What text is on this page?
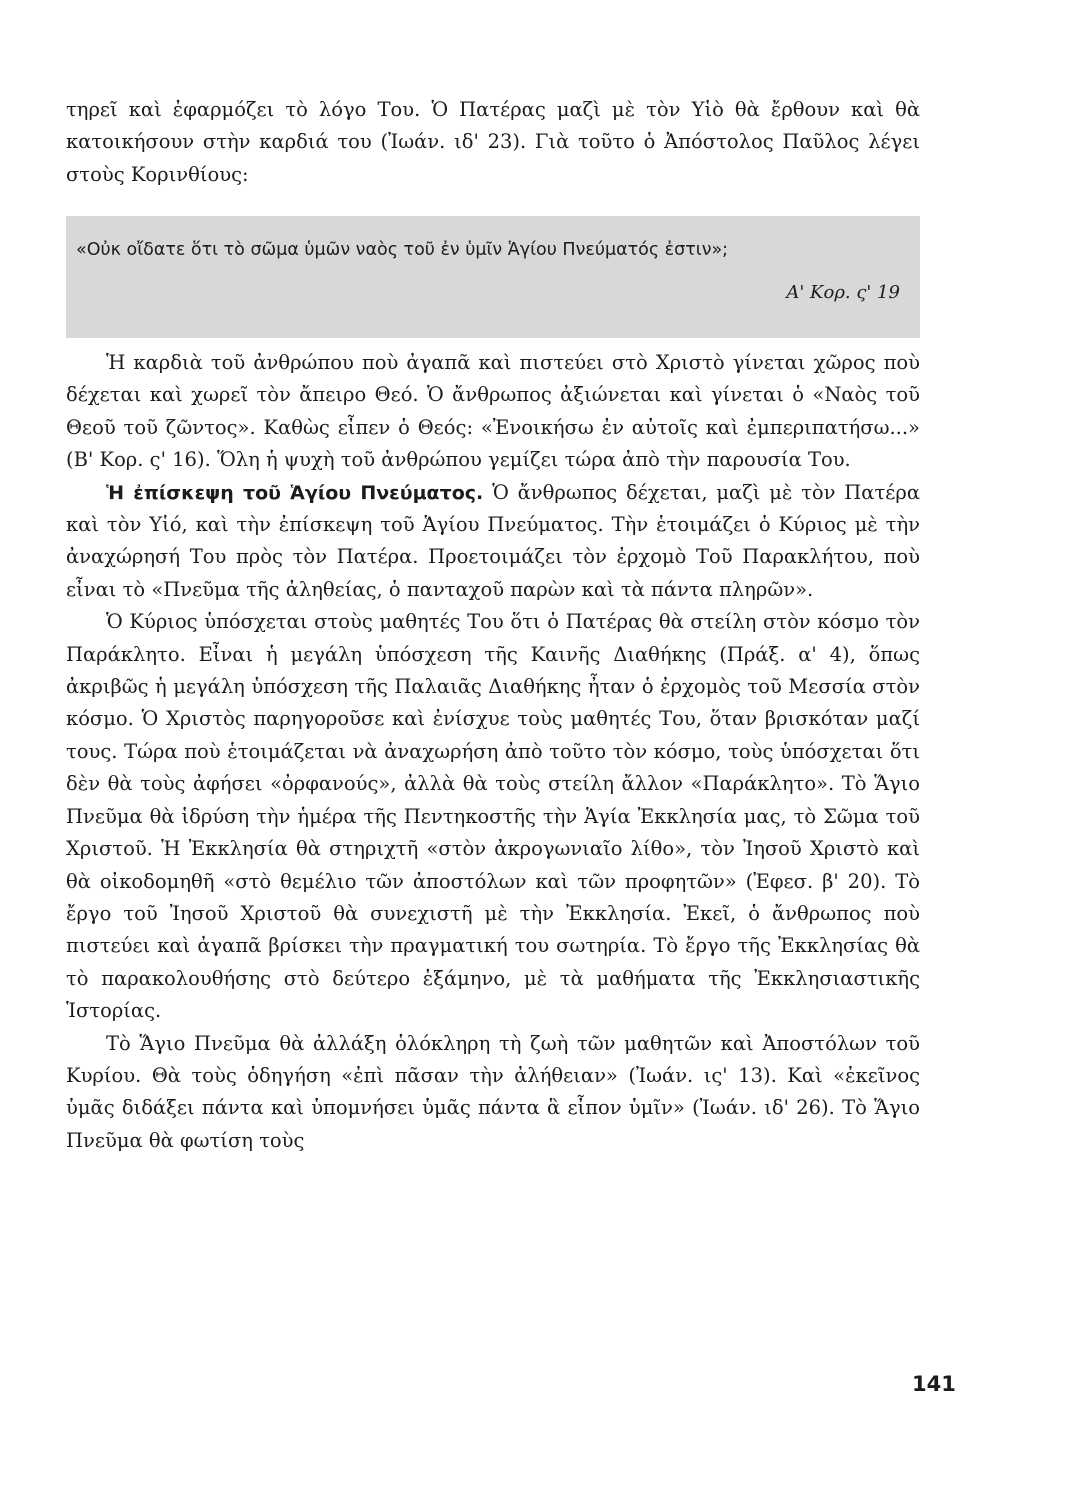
τηρεῖ καὶ ἐφαρμόζει τὸ λόγο Του. Ὁ Πατέρας μαζὶ μὲ τὸν Υἱὸ θὰ ἔρθουν καὶ θὰ κατοικήσουν στὴν καρδιά του (Ἰωάν. ιδ' 23). Γιὰ τοῦτο ὁ Ἀπόστολος Παῦλος λέγει στοὺς Κορινθίους:

«Οὐκ οἴδατε ὅτι τὸ σῶμα ὑμῶν ναὸς τοῦ ἐν ὑμῖν Ἁγίου Πνεύματός ἐστιν»;

Α' Κορ. ς' 19

Ἡ καρδιὰ τοῦ ἀνθρώπου ποὺ ἀγαπᾶ καὶ πιστεύει στὸ Χριστὸ γίνεται χῶρος ποὺ δέχεται καὶ χωρεῖ τὸν ἄπειρο Θεό. Ὁ ἄνθρωπος ἀξιώνεται καὶ γίνεται ὁ «Ναὸς τοῦ Θεοῦ τοῦ ζῶντος». Καθὼς εἶπεν ὁ Θεός: «Ἐνοικήσω ἐν αὐτοῖς καὶ ἐμπεριπατήσω...» (Β' Κορ. ς' 16). Ὅλη ἡ ψυχὴ τοῦ ἀνθρώπου γεμίζει τώρα ἀπὸ τὴν παρουσία Του.

Ἡ ἐπίσκεψη τοῦ Ἁγίου Πνεύματος. Ὁ ἄνθρωπος δέχεται, μαζὶ μὲ τὸν Πατέρα καὶ τὸν Υἱό, καὶ τὴν ἐπίσκεψη τοῦ Ἁγίου Πνεύματος. Τὴν ἑτοιμάζει ὁ Κύριος μὲ τὴν ἀναχώρησή Του πρὸς τὸν Πατέρα. Προετοιμάζει τὸν ἐρχομὸ Τοῦ Παρακλήτου, ποὺ εἶναι τὸ «Πνεῦμα τῆς ἀληθείας, ὁ πανταχοῦ παρὼν καὶ τὰ πάντα πληρῶν».

Ὁ Κύριος ὑπόσχεται στοὺς μαθητές Του ὅτι ὁ Πατέρας θὰ στείλη στὸν κόσμο τὸν Παράκλητο. Εἶναι ἡ μεγάλη ὑπόσχεση τῆς Καινῆς Διαθήκης (Πράξ. α' 4), ὅπως ἀκριβῶς ἡ μεγάλη ὑπόσχεση τῆς Παλαιᾶς Διαθήκης ἦταν ὁ ἐρχομὸς τοῦ Μεσσία στὸν κόσμο. Ὁ Χριστὸς παρηγοροῦσε καὶ ἐνίσχυε τοὺς μαθητές Του, ὅταν βρισκόταν μαζί τους. Τώρα ποὺ ἑτοιμάζεται νὰ ἀναχωρήση ἀπὸ τοῦτο τὸν κόσμο, τοὺς ὑπόσχεται ὅτι δὲν θὰ τοὺς ἀφήσει «ὀρφανούς», ἀλλὰ θὰ τοὺς στείλη ἄλλον «Παράκλητο». Τὸ Ἅγιο Πνεῦμα θὰ ἱδρύση τὴν ἡμέρα τῆς Πεντηκοστῆς τὴν Ἁγία Ἐκκλησία μας, τὸ Σῶμα τοῦ Χριστοῦ. Ἡ Ἐκκλησία θὰ στηριχτῆ «στὸν ἀκρογωνιαῖο λίθο», τὸν Ἰησοῦ Χριστὸ καὶ θὰ οἰκοδομηθῆ «στὸ θεμέλιο τῶν ἀποστόλων καὶ τῶν προφητῶν» (Ἐφεσ. β' 20). Τὸ ἔργο τοῦ Ἰησοῦ Χριστοῦ θὰ συνεχιστῆ μὲ τὴν Ἐκκλησία. Ἐκεῖ, ὁ ἄνθρωπος ποὺ πιστεύει καὶ ἀγαπᾶ βρίσκει τὴν πραγματική του σωτηρία. Τὸ ἔργο τῆς Ἐκκλησίας θὰ τὸ παρακολουθήσης στὸ δεύτερο ἑξάμηνο, μὲ τὰ μαθήματα τῆς Ἐκκλησιαστικῆς Ἱστορίας.

Τὸ Ἅγιο Πνεῦμα θὰ ἀλλάξη ὁλόκληρη τὴ ζωὴ τῶν μαθητῶν καὶ Ἀποστόλων τοῦ Κυρίου. Θὰ τοὺς ὁδηγήση «ἐπὶ πᾶσαν τὴν ἀλήθειαν» (Ἰωάν. ις' 13). Καὶ «ἐκεῖνος ὑμᾶς διδάξει πάντα καὶ ὑπομνήσει ὑμᾶς πάντα ἃ εἶπον ὑμῖν» (Ἰωάν. ιδ' 26). Τὸ Ἅγιο Πνεῦμα θὰ φωτίση τοὺς

141
